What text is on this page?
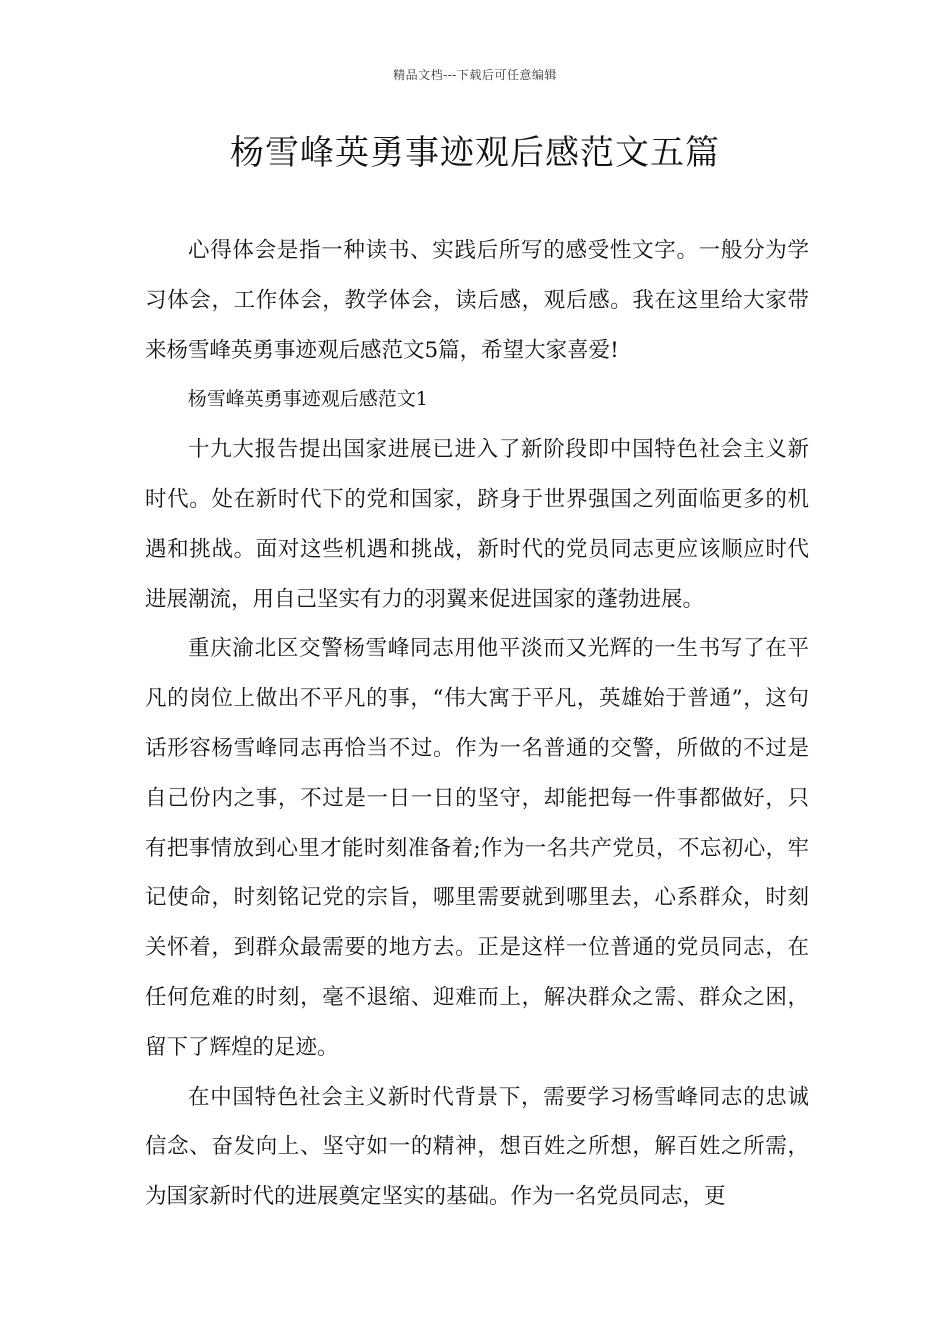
精品文档---下载后可任意编辑
杨雪峰英勇事迹观后感范文五篇

心得体会是指一种读书、实践后所写的感受性文字。一般分为学习体会，工作体会，教学体会，读后感，观后感。我在这里给大家带来杨雪峰英勇事迹观后感范文5篇，希望大家喜爱!

杨雪峰英勇事迹观后感范文1

十九大报告提出国家进展已进入了新阶段即中国特色社会主义新时代。处在新时代下的党和国家，跻身于世界强国之列面临更多的机遇和挑战。面对这些机遇和挑战，新时代的党员同志更应该顺应时代进展潮流，用自己坚实有力的羽翼来促进国家的蓬勃进展。

重庆渝北区交警杨雪峰同志用他平淡而又光辉的一生书写了在平凡的岗位上做出不平凡的事，“伟大寓于平凡，英雄始于普通”，这句话形容杨雪峰同志再恰当不过。作为一名普通的交警，所做的不过是自己份内之事，不过是一日一日的坚守，却能把每一件事都做好，只有把事情放到心里才能时刻准备着;作为一名共产党员，不忘初心，牢记使命，时刻铭记党的宗旨，哪里需要就到哪里去，心系群众，时刻关怀着，到群众最需要的地方去。正是这样一位普通的党员同志，在任何危难的时刻，毫不退缩、迎难而上，解决群众之需、群众之困，留下了辉煌的足迹。

在中国特色社会主义新时代背景下，需要学习杨雪峰同志的忠诚信念、奋发向上、坚守如一的精神，想百姓之所想，解百姓之所需，为国家新时代的进展奠定坚实的基础。作为一名党员同志，更
